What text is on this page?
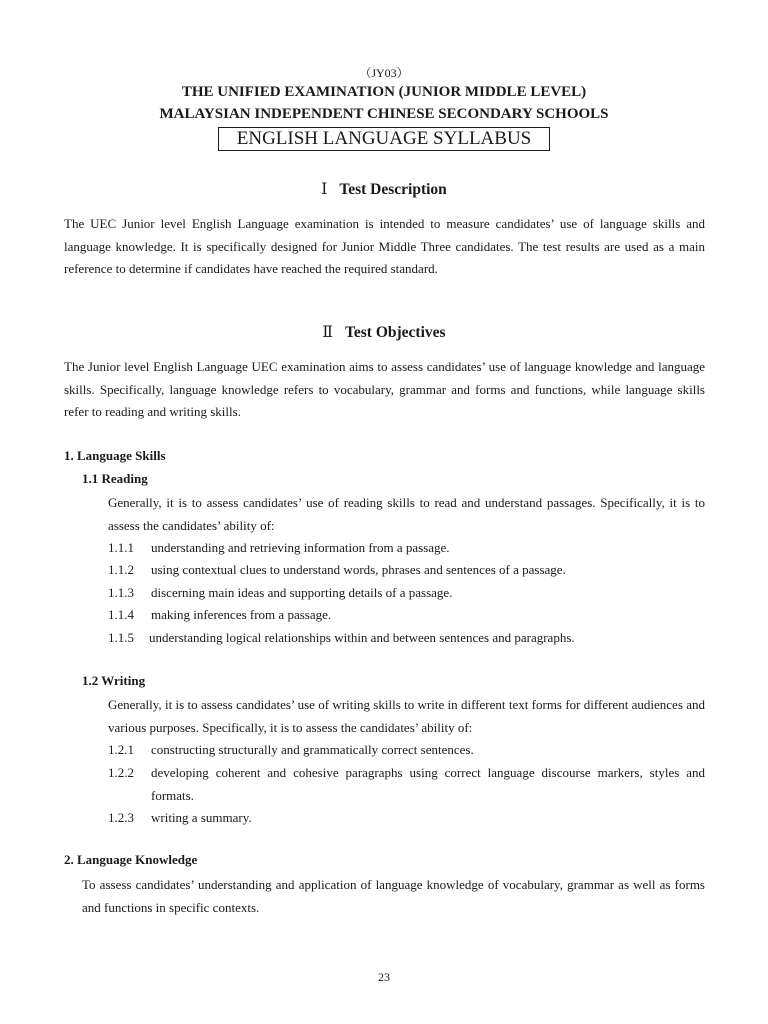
（JY03）
THE UNIFIED EXAMINATION (JUNIOR MIDDLE LEVEL)
MALAYSIAN INDEPENDENT CHINESE SECONDARY SCHOOLS
ENGLISH LANGUAGE SYLLABUS
Ⅰ Test Description

The UEC Junior level English Language examination is intended to measure candidates’ use of language skills and language knowledge. It is specifically designed for Junior Middle Three candidates. The test results are used as a main reference to determine if candidates have reached the required standard.

Ⅱ Test Objectives

The Junior level English Language UEC examination aims to assess candidates’ use of language knowledge and language skills. Specifically, language knowledge refers to vocabulary, grammar and forms and functions, while language skills refer to reading and writing skills.

1. Language Skills
1.1 Reading

Generally, it is to assess candidates’ use of reading skills to read and understand passages. Specifically, it is to assess the candidates’ ability of:

1.1.1 understanding and retrieving information from a passage.
1.1.2 using contextual clues to understand words, phrases and sentences of a passage.
1.1.3 discerning main ideas and supporting details of a passage.
1.1.4 making inferences from a passage.
1.1.5 understanding logical relationships within and between sentences and paragraphs.
1.2 Writing

Generally, it is to assess candidates’ use of writing skills to write in different text forms for different audiences and various purposes. Specifically, it is to assess the candidates’ ability of:

1.2.1 constructing structurally and grammatically correct sentences.
1.2.2 developing coherent and cohesive paragraphs using correct language discourse markers, styles and formats.
1.2.3 writing a summary.
2. Language Knowledge

To assess candidates’ understanding and application of language knowledge of vocabulary, grammar as well as forms and functions in specific contexts.

23
